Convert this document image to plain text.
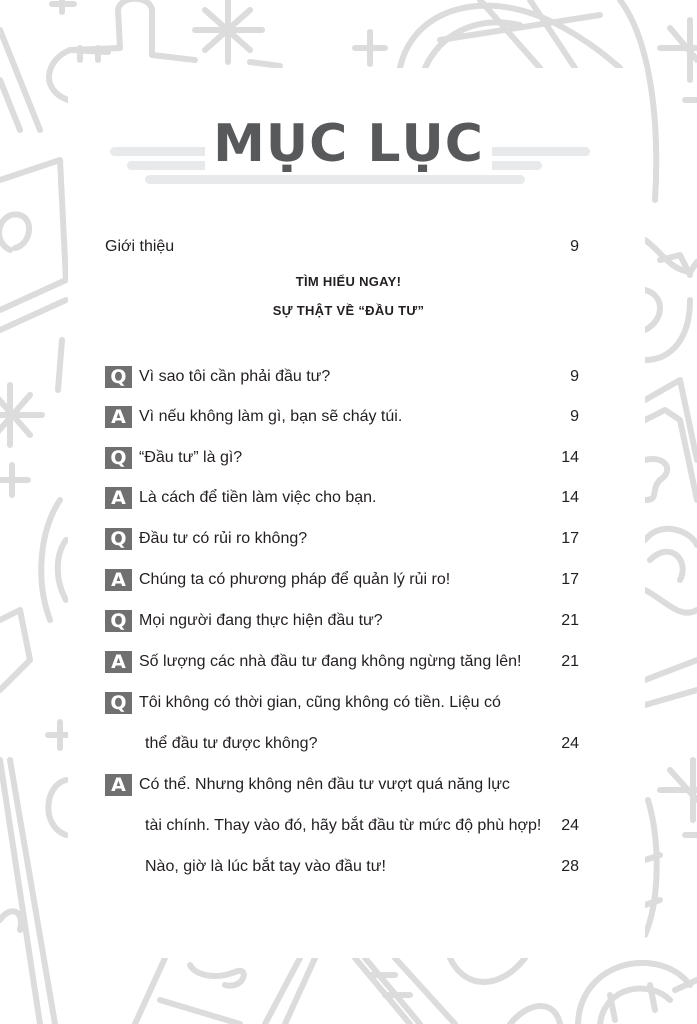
MỤC LỤC
Giới thiệu	9
TÌM HIỂU NGAY!
SỰ THẬT VỀ “ĐẦU TƯ”
Q Vì sao tôi cần phải đầu tư?	9
A Vì nếu không làm gì, bạn sẽ cháy túi.	9
Q “Đầu tư” là gì?	14
A Là cách để tiền làm việc cho bạn.	14
Q Đầu tư có rủi ro không?	17
A Chúng ta có phương pháp để quản lý rủi ro!	17
Q Mọi người đang thực hiện đầu tư?	21
A Số lượng các nhà đầu tư đang không ngừng tăng lên! 21
Q Tôi không có thời gian, cũng không có tiền. Liệu có
thể đầu tư được không?	24
A Có thể. Nhưng không nên đầu tư vượt quá năng lực
tài chính. Thay vào đó, hãy bắt đầu từ mức độ phù hợp! 24
Nào, giờ là lúc bắt tay vào đầu tư!	28
